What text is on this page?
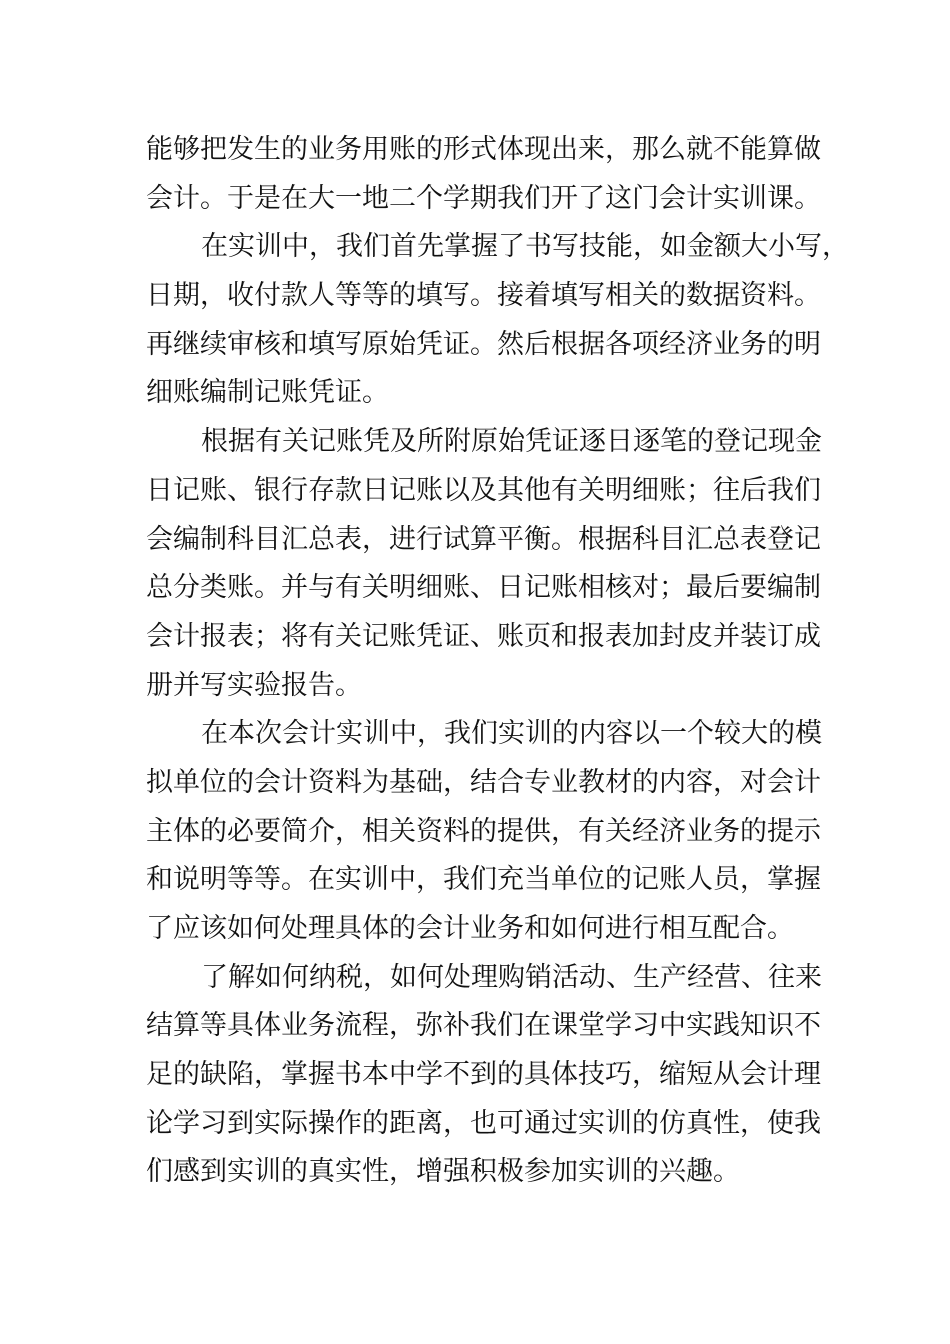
能够把发生的业务用账的形式体现出来，那么就不能算做
会计。于是在大一地二个学期我们开了这门会计实训课。
在实训中，我们首先掌握了书写技能，如金额大小写，
日期，收付款人等等的填写。接着填写相关的数据资料。
再继续审核和填写原始凭证。然后根据各项经济业务的明
细账编制记账凭证。
根据有关记账凭及所附原始凭证逐日逐笔的登记现金
日记账、银行存款日记账以及其他有关明细账；往后我们
会编制科目汇总表，进行试算平衡。根据科目汇总表登记
总分类账。并与有关明细账、日记账相核对；最后要编制
会计报表；将有关记账凭证、账页和报表加封皮并装订成
册并写实验报告。
在本次会计实训中，我们实训的内容以一个较大的模
拟单位的会计资料为基础，结合专业教材的内容，对会计
主体的必要简介，相关资料的提供，有关经济业务的提示
和说明等等。在实训中，我们充当单位的记账人员，掌握
了应该如何处理具体的会计业务和如何进行相互配合。
了解如何纳税，如何处理购销活动、生产经营、往来
结算等具体业务流程，弥补我们在课堂学习中实践知识不
足的缺陷，掌握书本中学不到的具体技巧，缩短从会计理
论学习到实际操作的距离，也可通过实训的仿真性，使我
们感到实训的真实性，增强积极参加实训的兴趣。
